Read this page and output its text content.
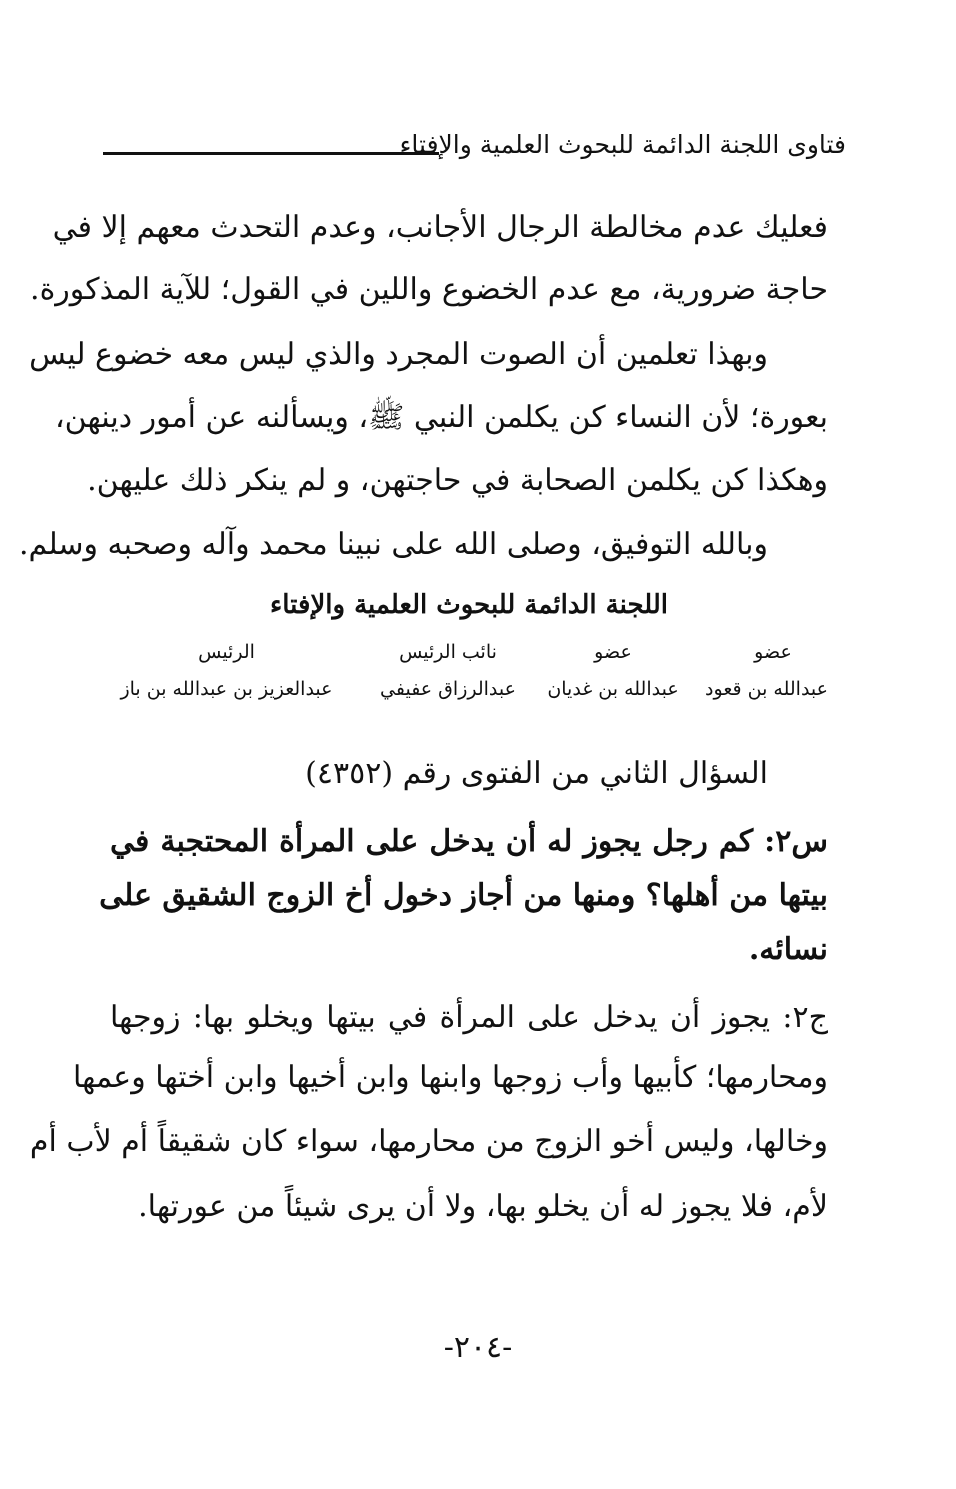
فتاوى اللجنة الدائمة للبحوث العلمية والإفتاء
فعليك عدم مخالطة الرجال الأجانب، وعدم التحدث معهم إلا في
حاجة ضرورية، مع عدم الخضوع واللين في القول؛ للآية المذكورة.
وبهذا تعلمين أن الصوت المجرد والذي ليس معه خضوع ليس
بعورة؛ لأن النساء كن يكلمن النبي ﷺ، ويسألنه عن أمور دينهن،
وهكذا كن يكلمن الصحابة في حاجتهن، و لم ينكر ذلك عليهن.
وبالله التوفيق، وصلى الله على نبينا محمد وآله وصحبه وسلم.
اللجنة الدائمة للبحوث العلمية والإفتاء
عضو
عبدالله بن قعود
عضو
عبدالله بن غديان
نائب الرئيس
عبدالرزاق عفيفي
الرئيس
عبدالعزيز بن عبدالله بن باز
السؤال الثاني من الفتوى رقم (٤٣٥٢)
س٢: كم رجل يجوز له أن يدخل على المرأة المحتجبة في
بيتها من أهلها؟ ومنها من أجاز دخول أخ الزوج الشقيق على
نسائه.
ج٢: يجوز أن يدخل على المرأة في بيتها ويخلو بها: زوجها
ومحارمها؛ كأبيها وأب زوجها وابنها وابن أخيها وابن أختها وعمها
وخالها، وليس أخو الزوج من محارمها، سواء كان شقيقاً أم لأب أم
لأم، فلا يجوز له أن يخلو بها، ولا أن يرى شيئاً من عورتها.
-٢٠٤-
